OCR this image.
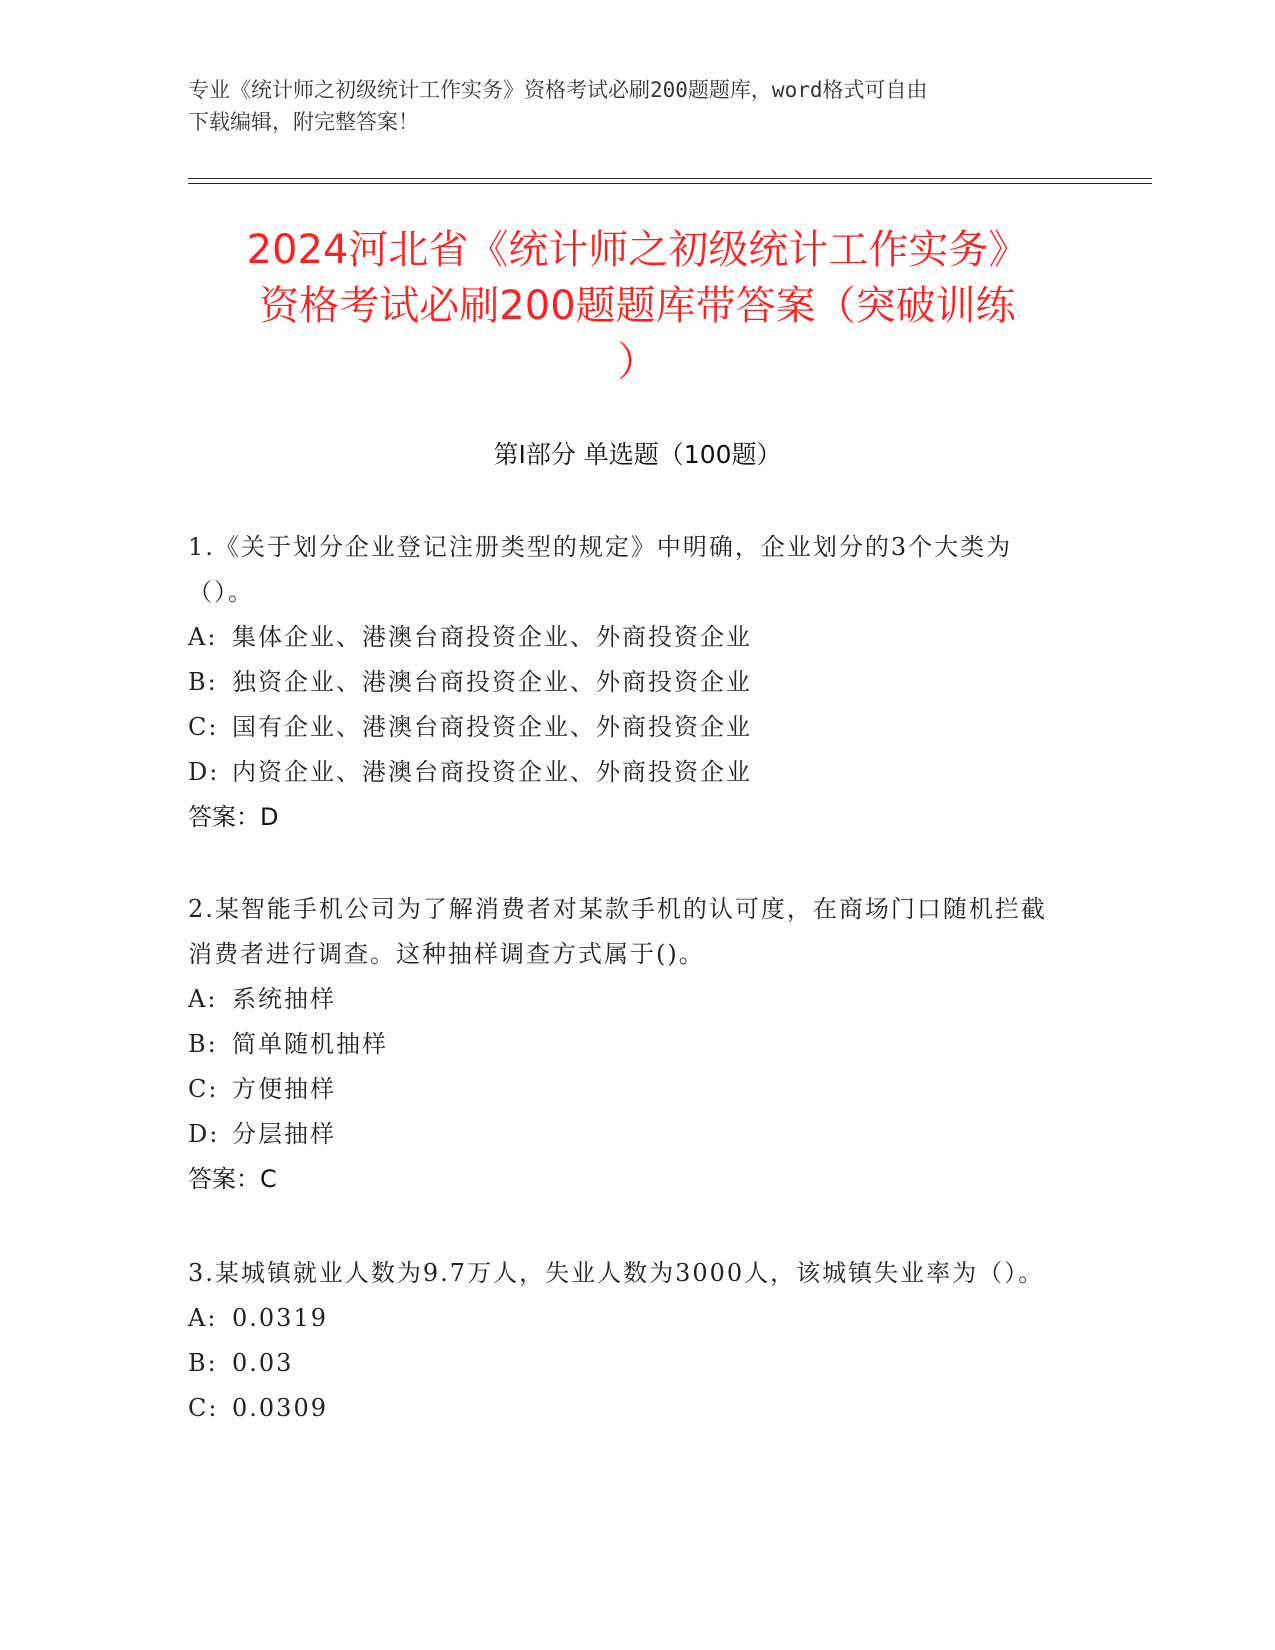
专业《统计师之初级统计工作实务》资格考试必刷200题题库，word格式可自由
下载编辑，附完整答案！
2024河北省《统计师之初级统计工作实务》
资格考试必刷200题题库带答案（突破训练
）
第Ⅰ部分 单选题（100题）

1.《关于划分企业登记注册类型的规定》中明确，企业划分的3个大类为（）。

A: 集体企业、港澳台商投资企业、外商投资企业
B: 独资企业、港澳台商投资企业、外商投资企业
C: 国有企业、港澳台商投资企业、外商投资企业
D: 内资企业、港澳台商投资企业、外商投资企业
答案：D

2.某智能手机公司为了解消费者对某款手机的认可度，在商场门口随机拦截消费者进行调查。这种抽样调查方式属于()。

A: 系统抽样
B: 简单随机抽样
C: 方便抽样
D: 分层抽样
答案：C

3.某城镇就业人数为9.7万人，失业人数为3000人，该城镇失业率为（）。

A: 0.0319
B: 0.03
C: 0.0309
